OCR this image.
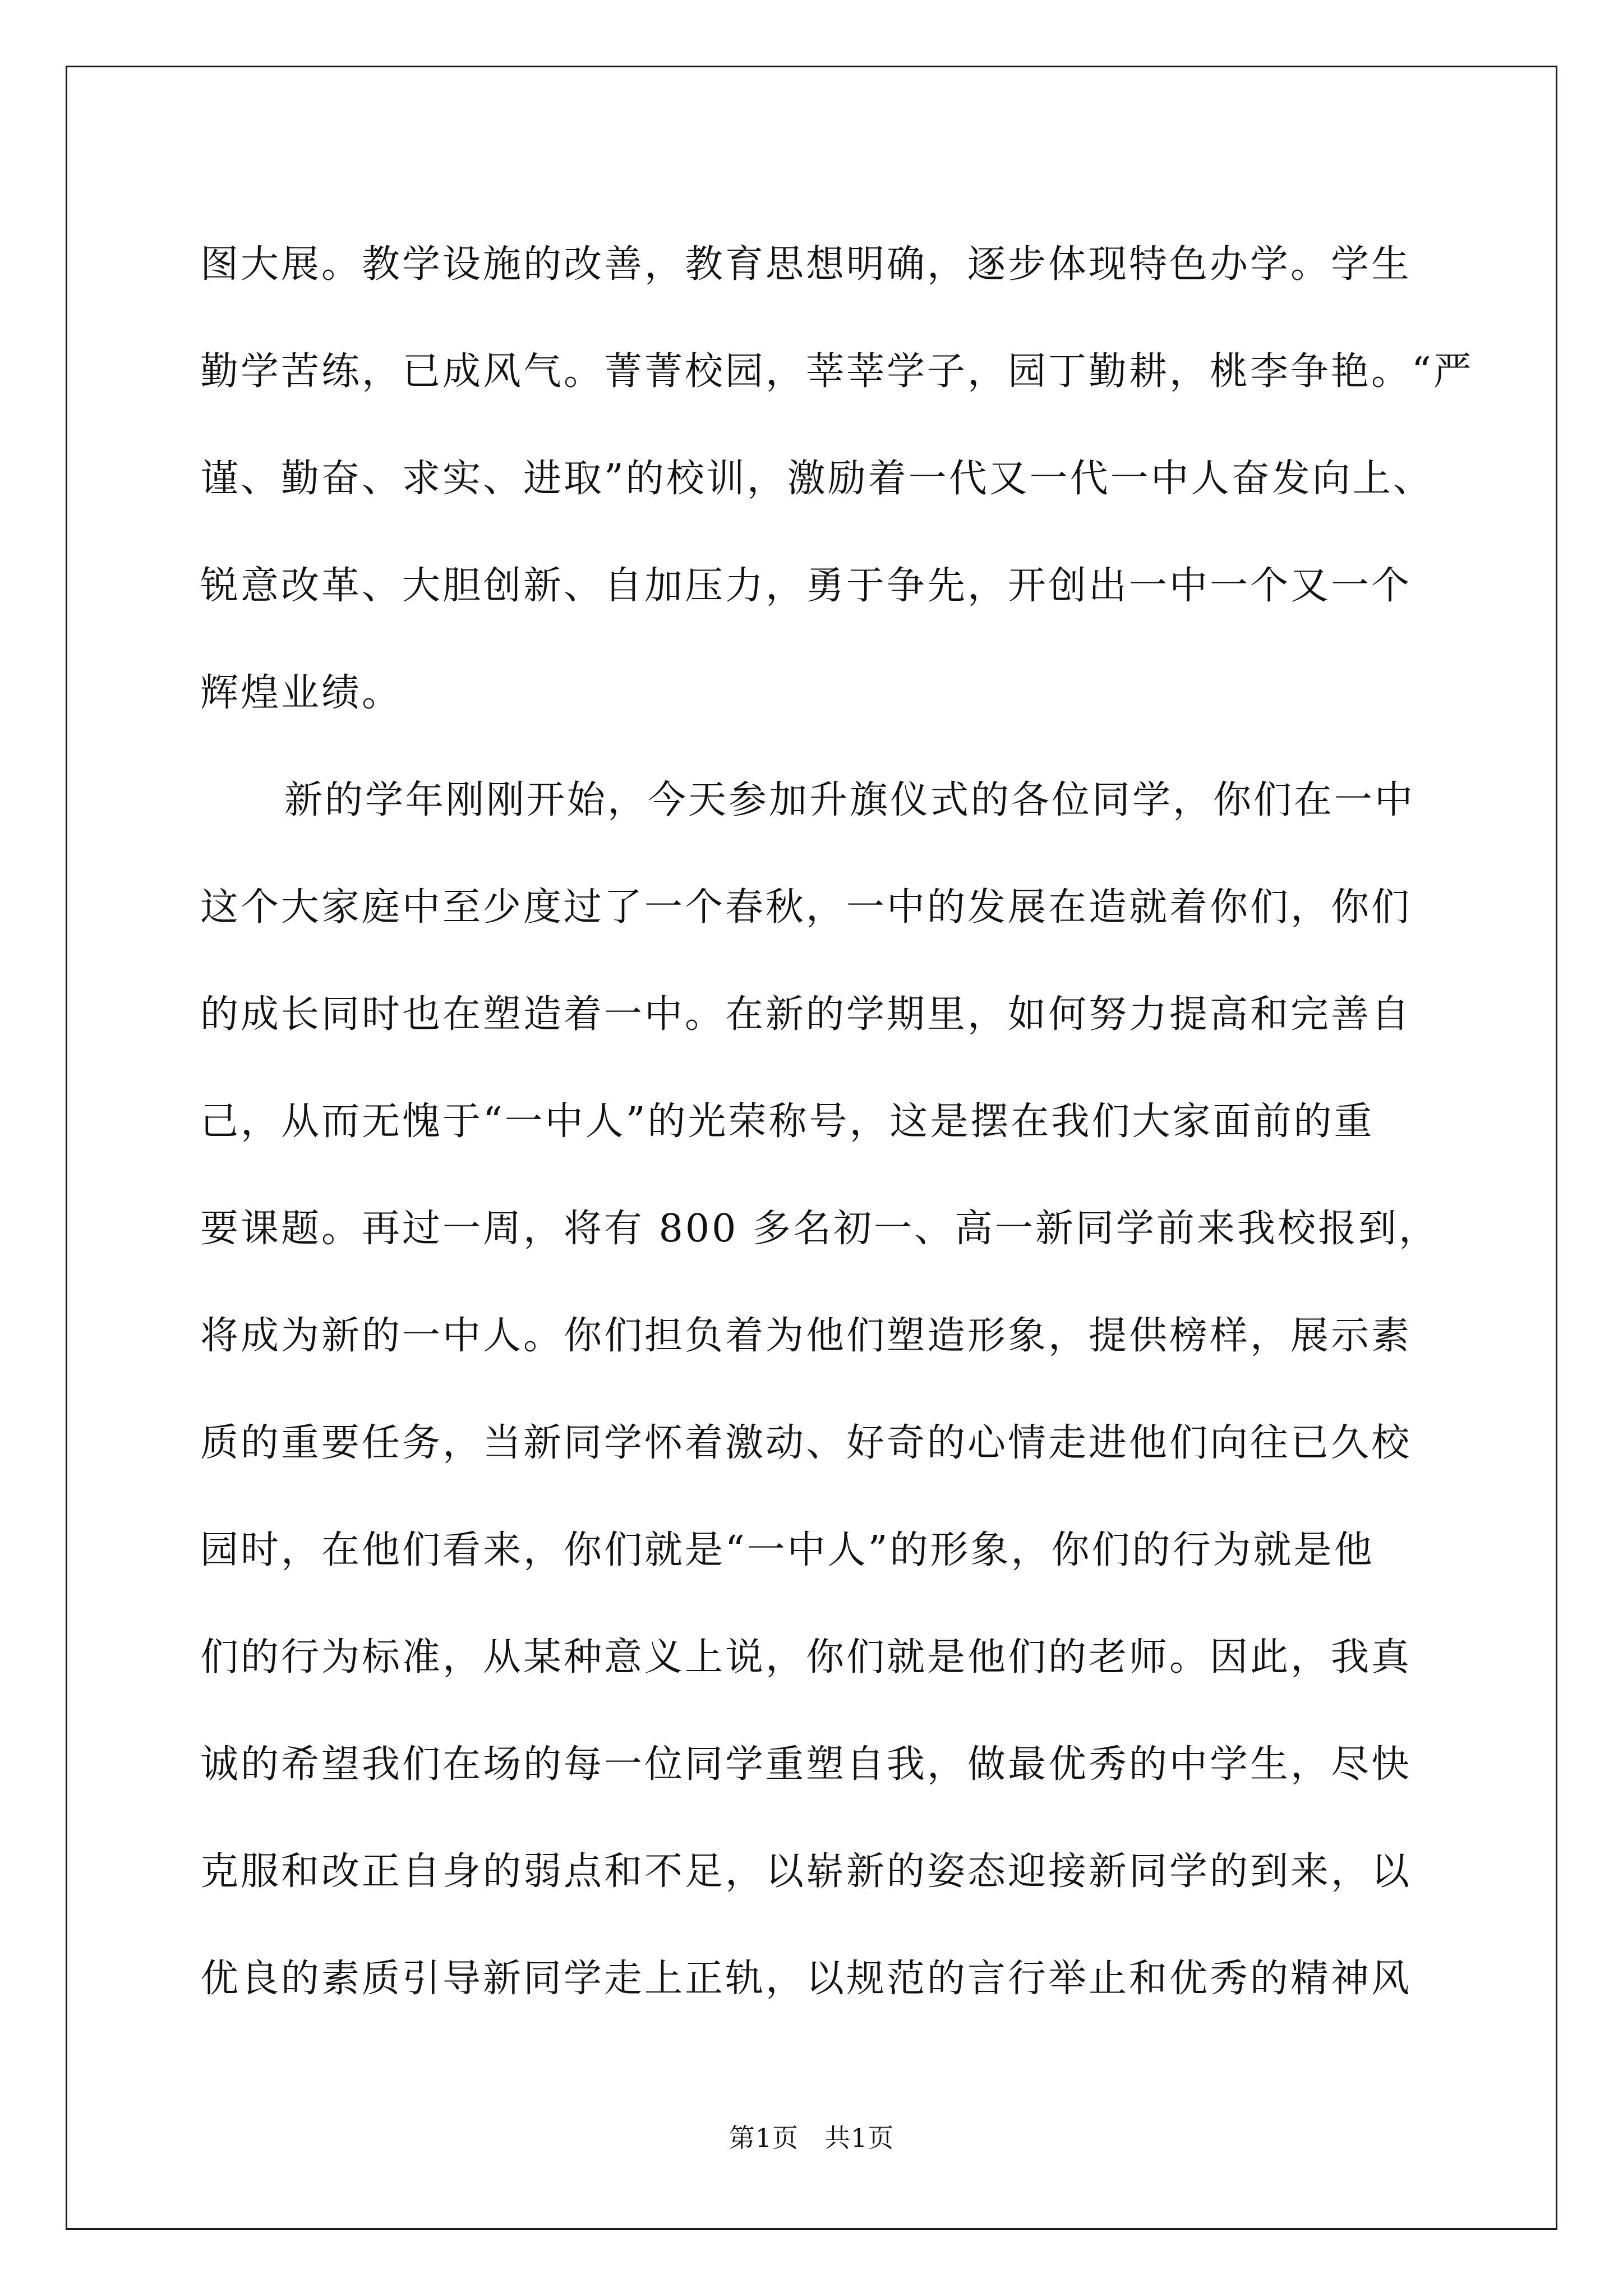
图大展。教学设施的改善，教育思想明确，逐步体现特色办学。学生
勤学苦练，已成风气。菁菁校园，莘莘学子，园丁勤耕，桃李争艳。“严
谨、勤奋、求实、进取”的校训，激励着一代又一代一中人奋发向上、
锐意改革、大胆创新、自加压力，勇于争先，开创出一中一个又一个
辉煌业绩。
新的学年刚刚开始，今天参加升旗仪式的各位同学，你们在一中
这个大家庭中至少度过了一个春秋，一中的发展在造就着你们，你们
的成长同时也在塑造着一中。在新的学期里，如何努力提高和完善自
己，从而无愧于“一中人”的光荣称号，这是摆在我们大家面前的重
要课题。再过一周，将有 800 多名初一、高一新同学前来我校报到，
将成为新的一中人。你们担负着为他们塑造形象，提供榜样，展示素
质的重要任务，当新同学怀着激动、好奇的心情走进他们向往已久校
园时，在他们看来，你们就是“一中人”的形象，你们的行为就是他
们的行为标准，从某种意义上说，你们就是他们的老师。因此，我真
诚的希望我们在场的每一位同学重塑自我，做最优秀的中学生，尽快
克服和改正自身的弱点和不足，以崭新的姿态迎接新同学的到来，以
优良的素质引导新同学走上正轨，以规范的言行举止和优秀的精神风
第1页 共1页
